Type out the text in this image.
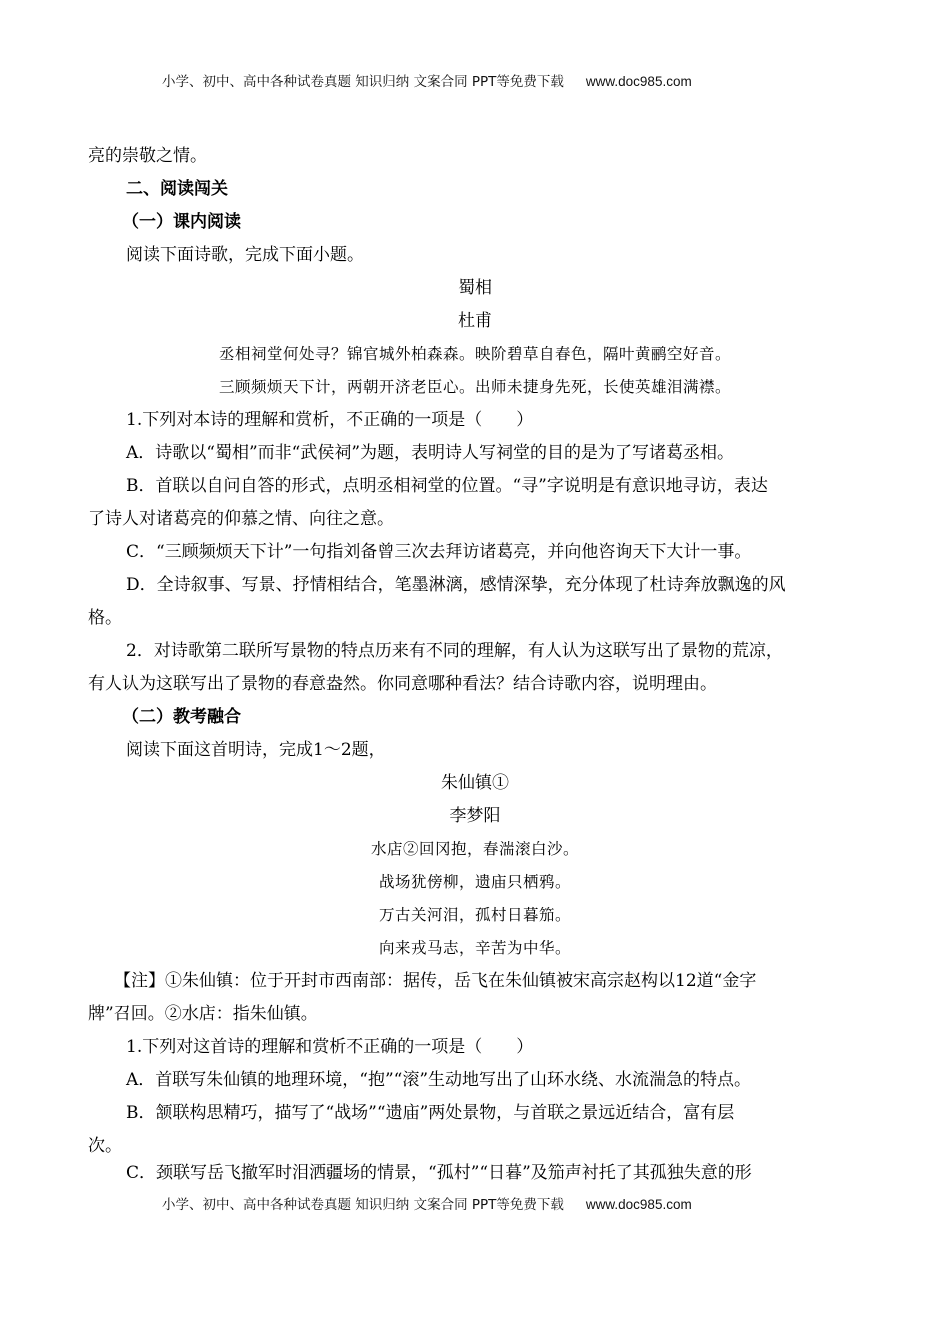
小学、初中、高中各种试卷真题 知识归纳 文案合同 PPT等免费下载 www.doc985.com
亮的崇敬之情。
二、阅读闯关
（一）课内阅读
阅读下面诗歌，完成下面小题。
蜀相
杜甫
丞相祠堂何处寻？锦官城外柏森森。映阶碧草自春色，隔叶黄鹂空好音。
三顾频烦天下计，两朝开济老臣心。出师未捷身先死，长使英雄泪满襟。
1.下列对本诗的理解和赏析，不正确的一项是（　　）
A．诗歌以“蜀相”而非“武侯祠”为题，表明诗人写祠堂的目的是为了写诸葛丞相。
B．首联以自问自答的形式，点明丞相祠堂的位置。“寻”字说明是有意识地寻访，表达
了诗人对诸葛亮的仰慕之情、向往之意。
C．“三顾频烦天下计”一句指刘备曾三次去拜访诸葛亮，并向他咨询天下大计一事。
D．全诗叙事、写景、抒情相结合，笔墨淋漓，感情深挚，充分体现了杜诗奔放飘逸的风
格。
2．对诗歌第二联所写景物的特点历来有不同的理解，有人认为这联写出了景物的荒凉，
有人认为这联写出了景物的春意盎然。你同意哪种看法？结合诗歌内容，说明理由。
（二）教考融合
阅读下面这首明诗，完成1～2题，
朱仙镇①
李梦阳
水店②回冈抱，春湍滚白沙。
战场犹傍柳，遗庙只栖鸦。
万古关河泪，孤村日暮笳。
向来戎马志，辛苦为中华。
【注】①朱仙镇：位于开封市西南部：据传，岳飞在朱仙镇被宋高宗赵构以12道“金字
牌”召回。②水店：指朱仙镇。
1.下列对这首诗的理解和赏析不正确的一项是（　　）
A．首联写朱仙镇的地理环境，“抱”“滚”生动地写出了山环水绕、水流湍急的特点。
B．颔联构思精巧，描写了“战场”“遗庙”两处景物，与首联之景远近结合，富有层
次。
C．颈联写岳飞撤军时泪洒疆场的情景，“孤村”“日暮”及笳声衬托了其孤独失意的形
小学、初中、高中各种试卷真题 知识归纳 文案合同 PPT等免费下载 www.doc985.com
